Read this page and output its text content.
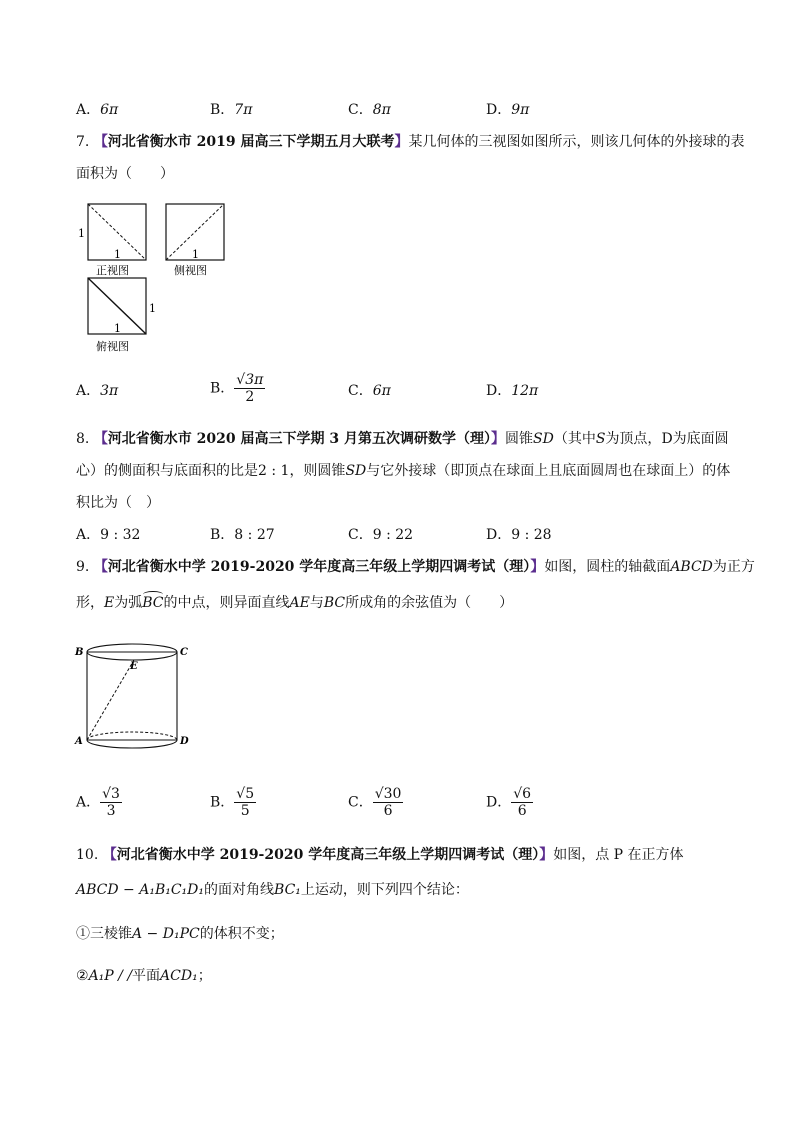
A．6π	B．7π	C．8π	D．9π
7. 【河北省衡水市 2019 届高三下学期五月大联考】某几何体的三视图如图所示，则该几何体的外接球的表
面积为（　　）
1
1
正视图
1
侧视图
1
1
俯视图
A．3π	B． $\frac{√3\pi}{2}$	C．6π	D．12π
8. 【河北省衡水市 2020 届高三下学期 3 月第五次调研数学（理）】圆锥SD（其中S为顶点，D为底面圆
心）的侧面积与底面积的比是2 : 1，则圆锥SD与它外接球（即顶点在球面上且底面圆周也在球面上）的体
积比为（　）
A．9 : 32	B．8 : 27	C．9 : 22	D．9 : 28
9. 【河北省衡水中学 2019-2020 学年度高三年级上学期四调考试（理）】如图，圆柱的轴截面ABCD为正方
形，E为弧
BC的中点，则异面直线AE与BC所成角的余弦值为（　　）
B	C
E
A	D
A． $\frac{√3}{3}$	B． $\frac{√5}{5}$	C． $\frac{√30}{6}$	D． $\frac{√6}{6}$
10. 【河北省衡水中学 2019-2020 学年度高三年级上学期四调考试（理）】如图，点 P 在正方体
ABCD − A₁B₁C₁D₁的面对角线BC₁上运动，则下列四个结论：
①三棱锥A − D₁PC的体积不变；
②A₁P / /平面ACD₁；
